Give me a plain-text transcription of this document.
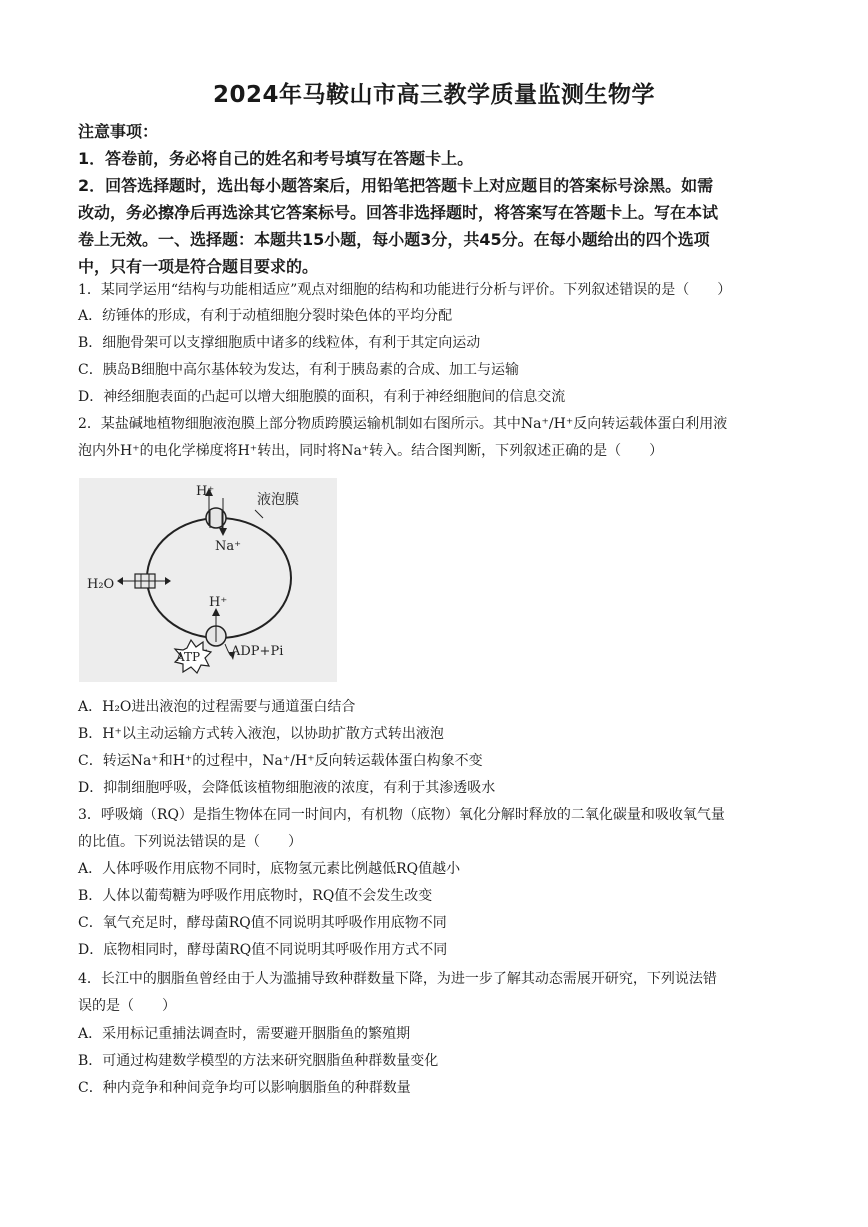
2024年马鞍山市高三教学质量监测生物学
注意事项：
1．答卷前，务必将自己的姓名和考号填写在答题卡上。
2．回答选择题时，选出每小题答案后，用铅笔把答题卡上对应题目的答案标号涂黑。如需
改动，务必擦净后再选涂其它答案标号。回答非选择题时，将答案写在答题卡上。写在本试
卷上无效。一、选择题：本题共15小题，每小题3分，共45分。在每小题给出的四个选项
中，只有一项是符合题目要求的。
1．某同学运用“结构与功能相适应”观点对细胞的结构和功能进行分析与评价。下列叙述错误的是（　　）
A．纺锤体的形成，有利于动植细胞分裂时染色体的平均分配
B．细胞骨架可以支撑细胞质中诸多的线粒体，有利于其定向运动
C．胰岛B细胞中高尔基体较为发达，有利于胰岛素的合成、加工与运输
D．神经细胞表面的凸起可以增大细胞膜的面积，有利于神经细胞间的信息交流
2．某盐碱地植物细胞液泡膜上部分物质跨膜运输机制如右图所示。其中Na⁺/H⁺反向转运载体蛋白利用液
泡内外H⁺的电化学梯度将H⁺转出，同时将Na⁺转入。结合图判断，下列叙述正确的是（　　）
液泡膜
H⁺
Na⁺
H₂O
H⁺
ATP ADP+Pi
A．H₂O进出液泡的过程需要与通道蛋白结合
B．H⁺以主动运输方式转入液泡，以协助扩散方式转出液泡
C．转运Na⁺和H⁺的过程中，Na⁺/H⁺反向转运载体蛋白构象不变
D．抑制细胞呼吸，会降低该植物细胞液的浓度，有利于其渗透吸水
3．呼吸熵（RQ）是指生物体在同一时间内，有机物（底物）氧化分解时释放的二氧化碳量和吸收氧气量
的比值。下列说法错误的是（　　）
A．人体呼吸作用底物不同时，底物氢元素比例越低RQ值越小
B．人体以葡萄糖为呼吸作用底物时，RQ值不会发生改变
C．氧气充足时，酵母菌RQ值不同说明其呼吸作用底物不同
D．底物相同时，酵母菌RQ值不同说明其呼吸作用方式不同
4．长江中的胭脂鱼曾经由于人为滥捕导致种群数量下降，为进一步了解其动态需展开研究，下列说法错
误的是（　　）
A．采用标记重捕法调查时，需要避开胭脂鱼的繁殖期
B．可通过构建数学模型的方法来研究胭脂鱼种群数量变化
C．种内竞争和种间竞争均可以影响胭脂鱼的种群数量
